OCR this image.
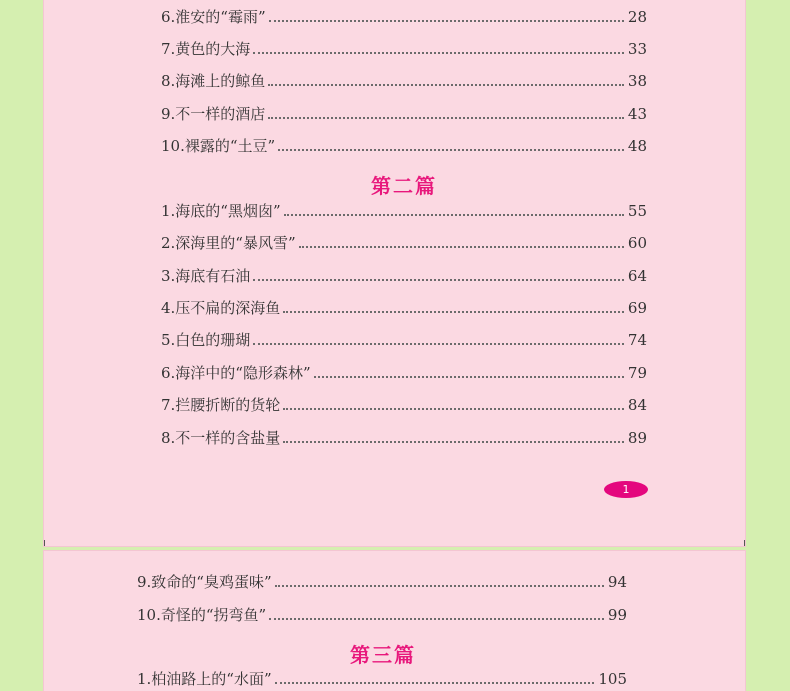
6.淮安的“霉雨”	28
7.黄色的大海	33
8.海滩上的鲸鱼	38
9.不一样的酒店	43
10.裸露的“土豆”	48
第二篇
1.海底的“黑烟囱”	55
2.深海里的“暴风雪”	60
3.海底有石油	64
4.压不扁的深海鱼	69
5.白色的珊瑚	74
6.海洋中的“隐形森林”	79
7.拦腰折断的货轮	84
8.不一样的含盐量	89
1
9.致命的“臭鸡蛋味”	94
10.奇怪的“拐弯鱼”	99
第三篇
1.柏油路上的“水面”	105
